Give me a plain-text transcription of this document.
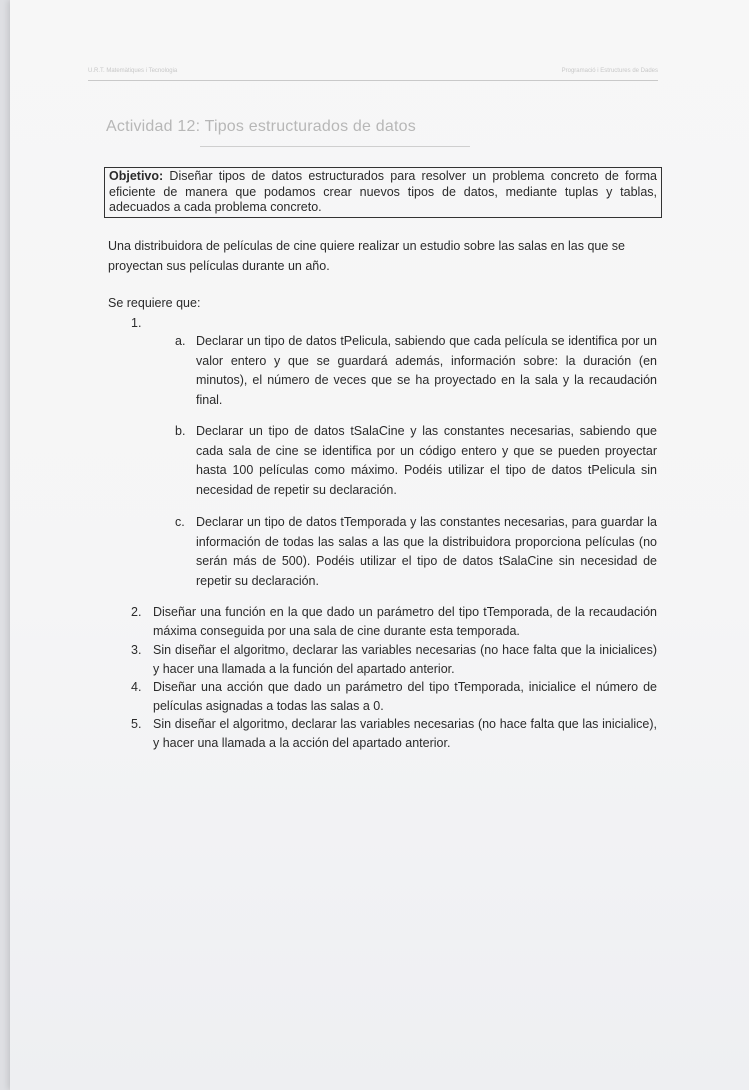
U.R.T. Matemàtiques i Tecnologia	Programació i Estructures de Dades
Actividad 12: Tipos estructurados de datos
Objetivo: Diseñar tipos de datos estructurados para resolver un problema concreto de forma eficiente de manera que podamos crear nuevos tipos de datos, mediante tuplas y tablas, adecuados a cada problema concreto.

Una distribuidora de películas de cine quiere realizar un estudio sobre las salas en las que se proyectan sus películas durante un año.

Se requiere que:

1.
a. Declarar un tipo de datos tPelicula, sabiendo que cada película se identifica por un valor entero y que se guardará además, información sobre: la duración (en minutos), el número de veces que se ha proyectado en la sala y la recaudación final.
b. Declarar un tipo de datos tSalaCine y las constantes necesarias, sabiendo que cada sala de cine se identifica por un código entero y que se pueden proyectar hasta 100 películas como máximo. Podéis utilizar el tipo de datos tPelicula sin necesidad de repetir su declaración.
c. Declarar un tipo de datos tTemporada y las constantes necesarias, para guardar la información de todas las salas a las que la distribuidora proporciona películas (no serán más de 500). Podéis utilizar el tipo de datos tSalaCine sin necesidad de repetir su declaración.
2. Diseñar una función en la que dado un parámetro del tipo tTemporada, de la recaudación máxima conseguida por una sala de cine durante esta temporada.
3. Sin diseñar el algoritmo, declarar las variables necesarias (no hace falta que la inicialices) y hacer una llamada a la función del apartado anterior.
4. Diseñar una acción que dado un parámetro del tipo tTemporada, inicialice el número de películas asignadas a todas las salas a 0.
5. Sin diseñar el algoritmo, declarar las variables necesarias (no hace falta que las inicialice), y hacer una llamada a la acción del apartado anterior.
